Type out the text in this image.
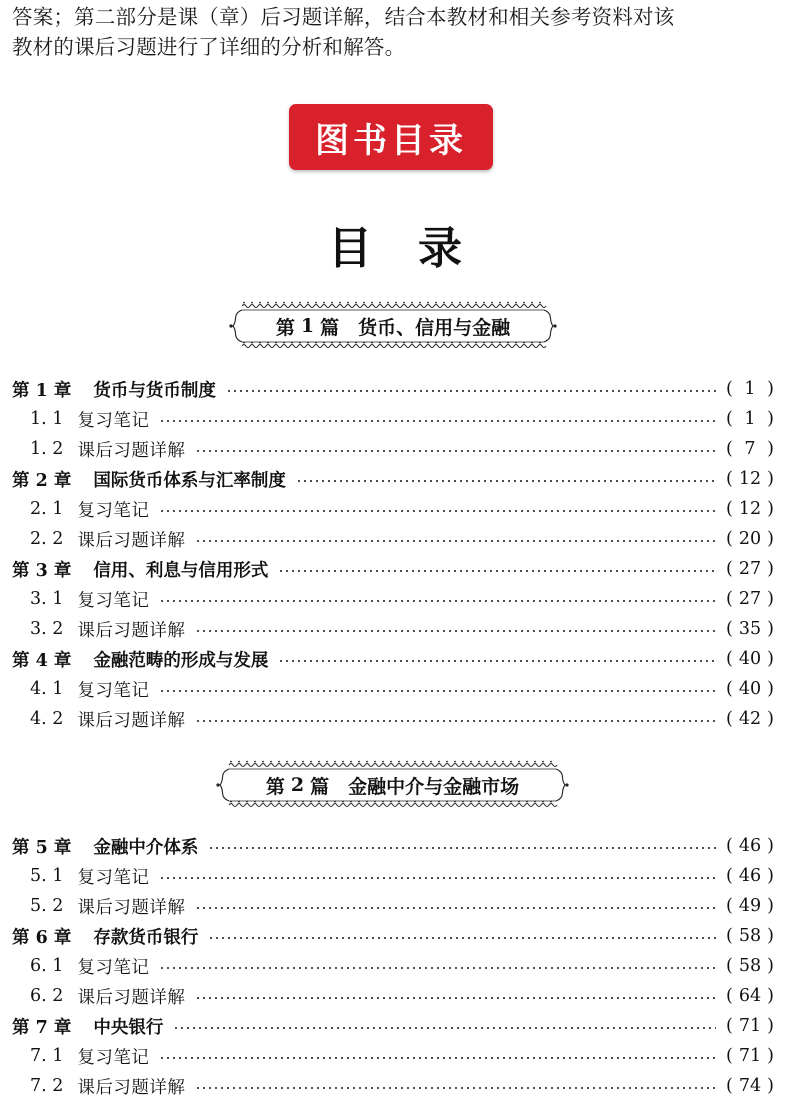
答案；第二部分是课（章）后习题详解，结合本教材和相关参考资料对该
教材的课后习题进行了详细的分析和解答。
图书目录
目录
第 1 篇
　 货币、信用与金融
第 2 篇
　 金融中介与金融市场
第 1 章 货币与货币制度	( 1 )
1. 1 复习笔记	( 1 )
1. 2 课后习题详解	( 7 )
第 2 章 国际货币体系与汇率制度	( 12 )
2. 1 复习笔记	( 12 )
2. 2 课后习题详解	( 20 )
第 3 章 信用、利息与信用形式	( 27 )
3. 1 复习笔记	( 27 )
3. 2 课后习题详解	( 35 )
第 4 章 金融范畴的形成与发展	( 40 )
4. 1 复习笔记	( 40 )
4. 2 课后习题详解	( 42 )
第 5 章 金融中介体系	( 46 )
5. 1 复习笔记	( 46 )
5. 2 课后习题详解	( 49 )
第 6 章 存款货币银行	( 58 )
6. 1 复习笔记	( 58 )
6. 2 课后习题详解	( 64 )
第 7 章 中央银行	( 71 )
7. 1 复习笔记	( 71 )
7. 2 课后习题详解	( 74 )
